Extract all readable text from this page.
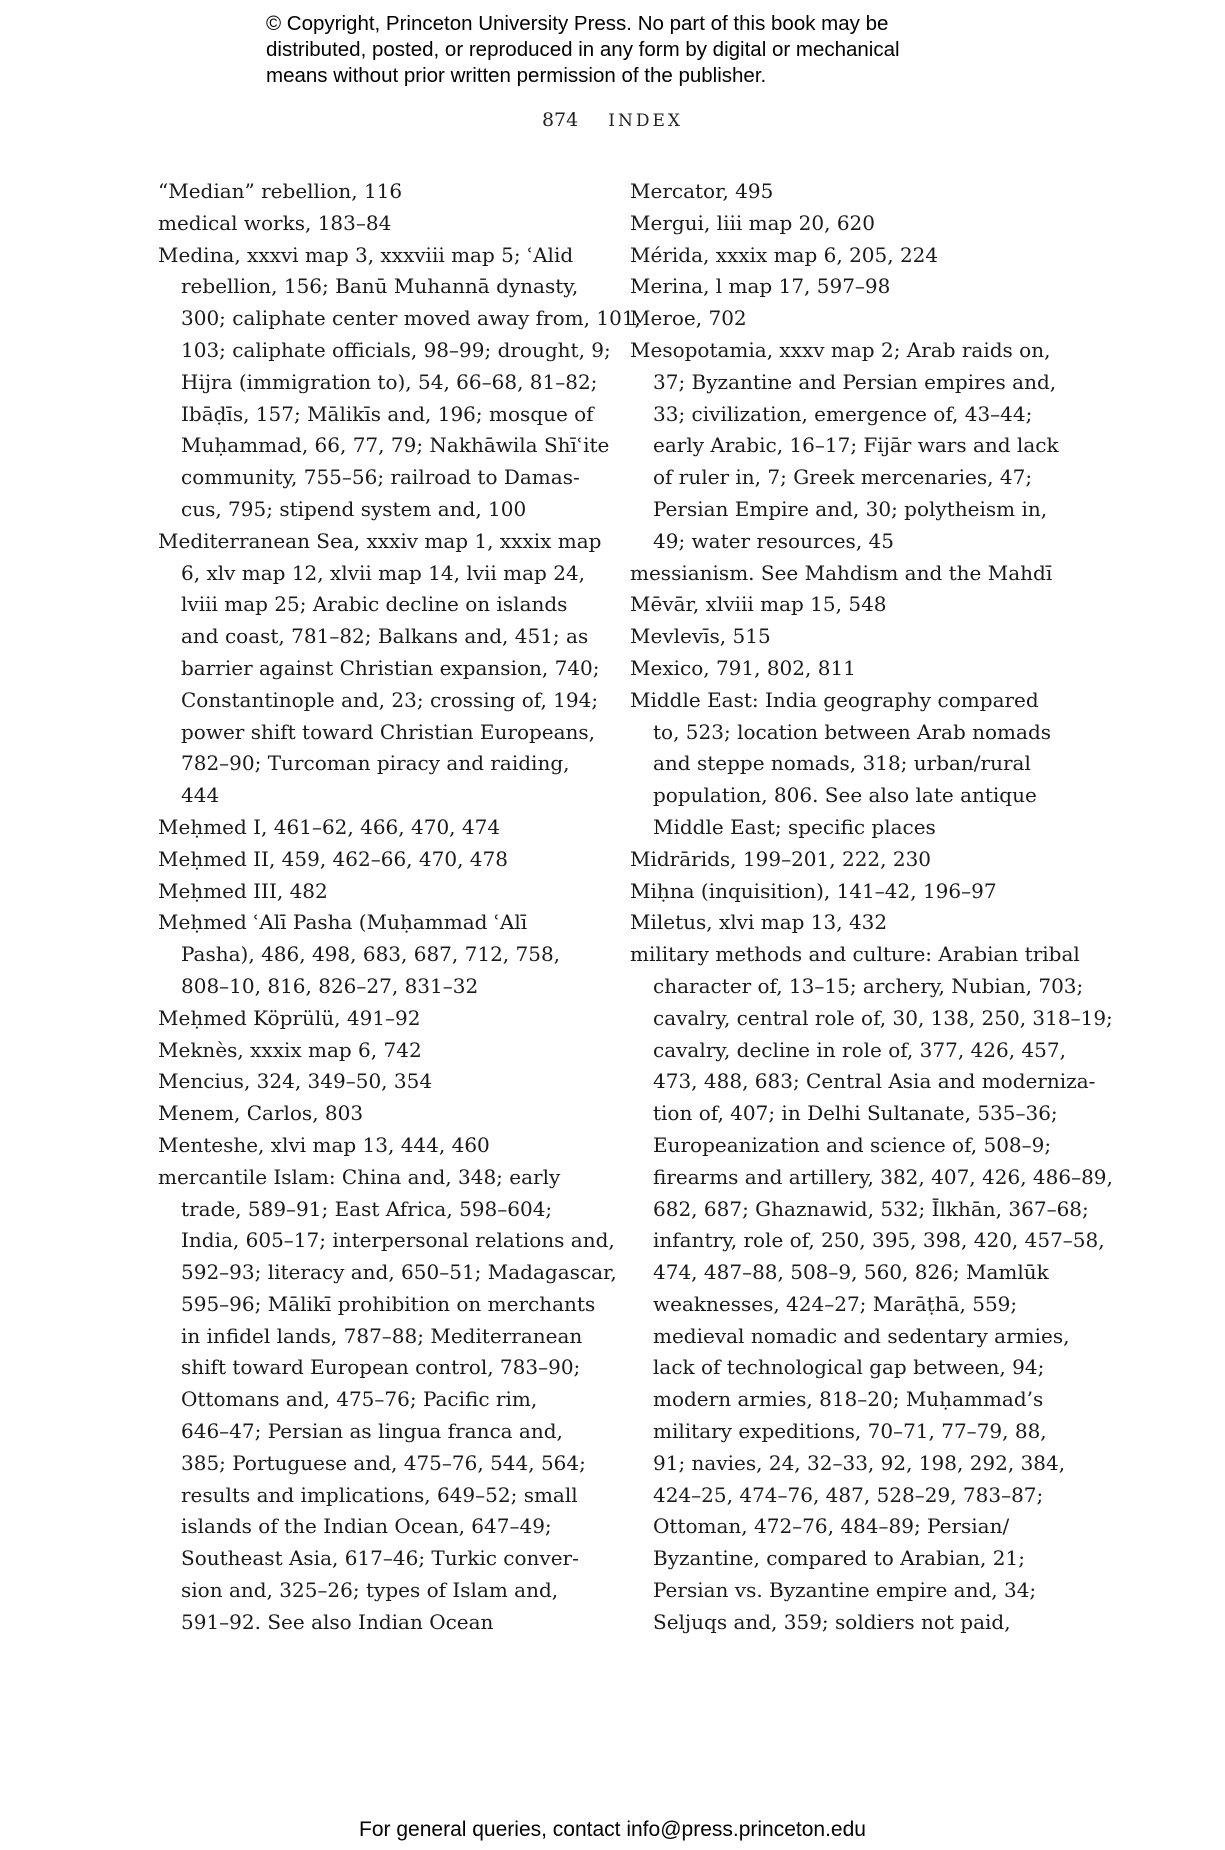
© Copyright, Princeton University Press. No part of this book may be
distributed, posted, or reproduced in any form by digital or mechanical
means without prior written permission of the publisher.
874 INDEX
“Median” rebellion, 116
medical works, 183–84
Medina, xxxvi map 3, xxxviii map 5; ʿAlid
rebellion, 156; Banū Muhannā dynasty,
300; caliphate center moved away from, 101,
103; caliphate officials, 98–99; drought, 9;
Hijra (immigration to), 54, 66–68, 81–82;
Ibāḍīs, 157; Mālikīs and, 196; mosque of
Muḥammad, 66, 77, 79; Nakhāwila Shīʿite
community, 755–56; railroad to Damas-
cus, 795; stipend system and, 100
Mediterranean Sea, xxxiv map 1, xxxix map
6, xlv map 12, xlvii map 14, lvii map 24,
lviii map 25; Arabic decline on islands
and coast, 781–82; Balkans and, 451; as
barrier against Christian expansion, 740;
Constantinople and, 23; crossing of, 194;
power shift toward Christian Europeans,
782–90; Turcoman piracy and raiding,
444
Meḥmed I, 461–62, 466, 470, 474
Meḥmed II, 459, 462–66, 470, 478
Meḥmed III, 482
Meḥmed ʿAlī Pasha (Muḥammad ʿAlī
Pasha), 486, 498, 683, 687, 712, 758,
808–10, 816, 826–27, 831–32
Meḥmed Köprülü, 491–92
Meknès, xxxix map 6, 742
Mencius, 324, 349–50, 354
Menem, Carlos, 803
Menteshe, xlvi map 13, 444, 460
mercantile Islam: China and, 348; early
trade, 589–91; East Africa, 598–604;
India, 605–17; interpersonal relations and,
592–93; literacy and, 650–51; Madagascar,
595–96; Mālikī prohibition on merchants
in infidel lands, 787–88; Mediterranean
shift toward European control, 783–90;
Ottomans and, 475–76; Pacific rim,
646–47; Persian as lingua franca and,
385; Portuguese and, 475–76, 544, 564;
results and implications, 649–52; small
islands of the Indian Ocean, 647–49;
Southeast Asia, 617–46; Turkic conver-
sion and, 325–26; types of Islam and,
591–92. See also Indian Ocean
Mercator, 495
Mergui, liii map 20, 620
Mérida, xxxix map 6, 205, 224
Merina, l map 17, 597–98
Meroe, 702
Mesopotamia, xxxv map 2; Arab raids on,
37; Byzantine and Persian empires and,
33; civilization, emergence of, 43–44;
early Arabic, 16–17; Fijār wars and lack
of ruler in, 7; Greek mercenaries, 47;
Persian Empire and, 30; polytheism in,
49; water resources, 45
messianism. See Mahdism and the Mahdī
Mēvār, xlviii map 15, 548
Mevlevīs, 515
Mexico, 791, 802, 811
Middle East: India geography compared
to, 523; location between Arab nomads
and steppe nomads, 318; urban/rural
population, 806. See also late antique
Middle East; specific places
Midrārids, 199–201, 222, 230
Miḥna (inquisition), 141–42, 196–97
Miletus, xlvi map 13, 432
military methods and culture: Arabian tribal
character of, 13–15; archery, Nubian, 703;
cavalry, central role of, 30, 138, 250, 318–19;
cavalry, decline in role of, 377, 426, 457,
473, 488, 683; Central Asia and moderniza-
tion of, 407; in Delhi Sultanate, 535–36;
Europeanization and science of, 508–9;
firearms and artillery, 382, 407, 426, 486–89,
682, 687; Ghaznawid, 532; Īlkhān, 367–68;
infantry, role of, 250, 395, 398, 420, 457–58,
474, 487–88, 508–9, 560, 826; Mamlūk
weaknesses, 424–27; Marāṭhā, 559;
medieval nomadic and sedentary armies,
lack of technological gap between, 94;
modern armies, 818–20; Muḥammad’s
military expeditions, 70–71, 77–79, 88,
91; navies, 24, 32–33, 92, 198, 292, 384,
424–25, 474–76, 487, 528–29, 783–87;
Ottoman, 472–76, 484–89; Persian/
Byzantine, compared to Arabian, 21;
Persian vs. Byzantine empire and, 34;
Seljuqs and, 359; soldiers not paid,
For general queries, contact info@press.princeton.edu
